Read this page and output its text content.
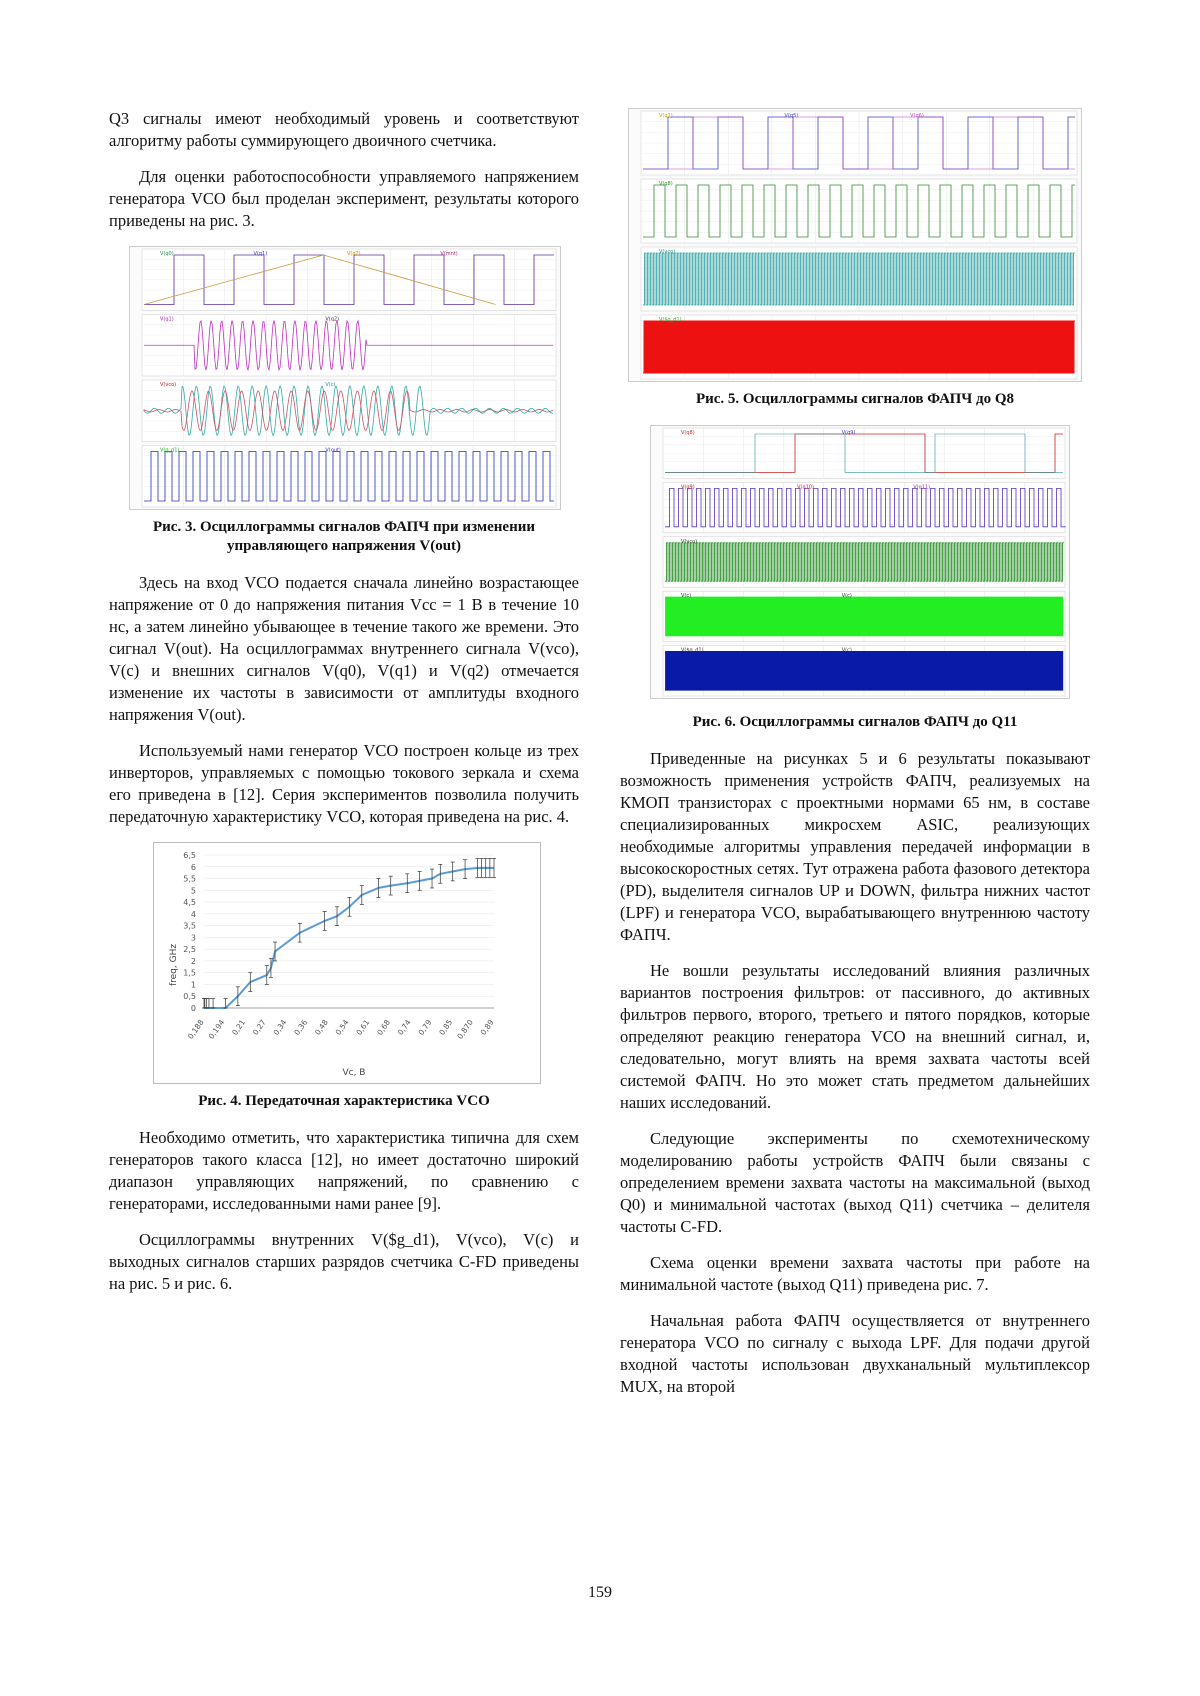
Q3 сигналы имеют необходимый уровень и соответствуют алгоритму работы суммирующего двоичного счетчика.

Для оценки работоспособности управляемого напряжением генератора VCO был проделан эксперимент, результаты которого приведены на рис. 3.

V(q0)	V(q1)	V(q2)	V(mnt)
V(q1)	V(q2)
V(vco)	V(c)
V(g_d1)	V(out)
Рис. 3. Осциллограммы сигналов ФАПЧ при изменении управляющего напряжения V(out)

Здесь на вход VCO подается сначала линейно возрастающее напряжение от 0 до напряжения питания Vcc = 1 В в течение 10 нс, а затем линейно убывающее в течение такого же времени. Это сигнал V(out). На осциллограммах внутреннего сигнала V(vco), V(c) и внешних сигналов V(q0), V(q1) и V(q2) отмечается изменение их частоты в зависимости от амплитуды входного напряжения V(out).

Используемый нами генератор VCO построен кольце из трех инверторов, управляемых с помощью токового зеркала и схема его приведена в [12]. Серия экспериментов позволила получить передаточную характеристику VCO, которая приведена на рис. 4.

freq, GHz
Vc, В
0
0,5
1
1,5
2
2,5
3
3,5
4
4,5
5
5,5
6
6,5
0,188 0,194 0,21 0,27 0,34 0,36 0,48 0,54 0,61 0,68 0,74 0,79 0,85 0,870 0,89
Рис. 4. Передаточная характеристика VCO

Необходимо отметить, что характеристика типична для схем генераторов такого класса [12], но имеет достаточно широкий диапазон управляющих напряжений, по сравнению с генераторами, исследованными нами ранее [9].

Осциллограммы внутренних V($g_d1), V(vco), V(c) и выходных сигналов старших разрядов счетчика C-FD приведены на рис. 5 и рис. 6.

V(q1)	V(q5)	V(q6)
V(q8)
V(vco)
V($g_d1)
Рис. 5. Осциллограммы сигналов ФАПЧ до Q8
V(q8)	V(q9)
V(q9)	V(q10)	V(q11)
V(vco)
V(c)	V(c)
V($g_d1)	V(c)
Рис. 6. Осциллограммы сигналов ФАПЧ до Q11

Приведенные на рисунках 5 и 6 результаты показывают возможность применения устройств ФАПЧ, реализуемых на КМОП транзисторах с проектными нормами 65 нм, в составе специализированных микросхем ASIC, реализующих необходимые алгоритмы управления передачей информации в высокоскоростных сетях. Тут отражена работа фазового детектора (PD), выделителя сигналов UP и DOWN, фильтра нижних частот (LPF) и генератора VCO, вырабатывающего внутреннюю частоту ФАПЧ.

Не вошли результаты исследований влияния различных вариантов построения фильтров: от пассивного, до активных фильтров первого, второго, третьего и пятого порядков, которые определяют реакцию генератора VCO на внешний сигнал, и, следовательно, могут влиять на время захвата частоты всей системой ФАПЧ. Но это может стать предметом дальнейших наших исследований.

Следующие эксперименты по схемотехническому моделированию работы устройств ФАПЧ были связаны с определением времени захвата частоты на максимальной (выход Q0) и минимальной частотах (выход Q11) счетчика – делителя частоты C-FD.

Схема оценки времени захвата частоты при работе на минимальной частоте (выход Q11) приведена рис. 7.

Начальная работа ФАПЧ осуществляется от внутреннего генератора VCO по сигналу с выхода LPF. Для подачи другой входной частоты использован двухканальный мультиплексор MUX, на второй

159
